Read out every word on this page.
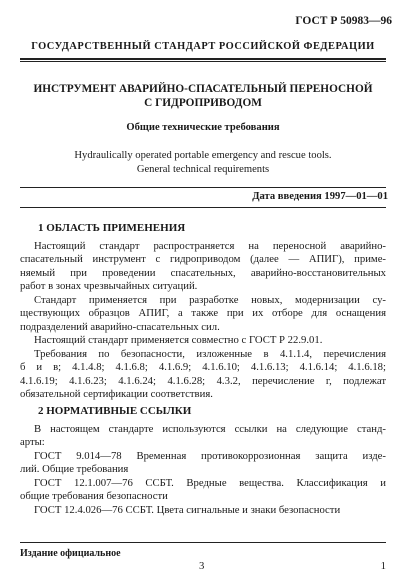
ГОСТ Р 50983—96
ГОСУДАРСТВЕННЫЙ СТАНДАРТ РОССИЙСКОЙ ФЕДЕРАЦИИ
ИНСТРУМЕНТ АВАРИЙНО-СПАСАТЕЛЬНЫЙ ПЕРЕНОСНОЙ
С ГИДРОПРИВОДОМ
Общие технические требования
Hydraulically operated portable emergency and rescue tools.
General technical requirements
Дата введения 1997—01—01
1 ОБЛАСТЬ ПРИМЕНЕНИЯ
Настоящий стандарт распространяется на переносной аварийно-
спасательный инструмент с гидроприводом (далее — АПИГ), приме-
няемый при проведении спасательных, аварийно-восстановительных
работ в зонах чрезвычайных ситуаций.
Стандарт применяется при разработке новых, модернизации су-
ществующих образцов АПИГ, а также при их отборе для оснащения
подразделений аварийно-спасательных сил.
Настоящий стандарт применяется совместно с ГОСТ Р 22.9.01.
Требования по безопасности, изложенные в 4.1.1.4, перечисления
б и в; 4.1.4.8; 4.1.6.8; 4.1.6.9; 4.1.6.10; 4.1.6.13; 4.1.6.14; 4.1.6.18;
4.1.6.19; 4.1.6.23; 4.1.6.24; 4.1.6.28; 4.3.2, перечисление г, подлежат
обязательной сертификации соответствия.
2 НОРМАТИВНЫЕ ССЫЛКИ
В настоящем стандарте используются ссылки на следующие станд-
арты:
ГОСТ 9.014—78 Временная противокоррозионная защита изде-
лий. Общие требования
ГОСТ 12.1.007—76 ССБТ. Вредные вещества. Классификация и
общие требования безопасности
ГОСТ 12.4.026—76 ССБТ. Цвета сигнальные и знаки безопасности
Издание официальное
3	1
